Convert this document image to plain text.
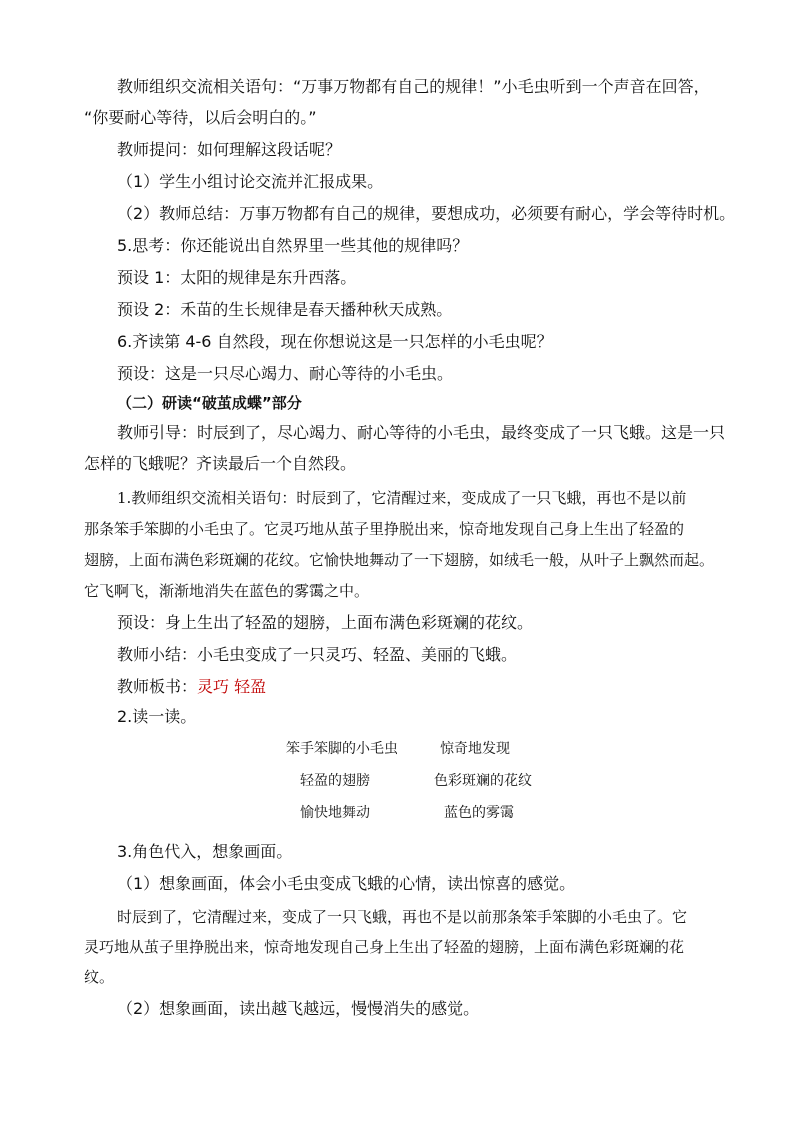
教师组织交流相关语句：“万事万物都有自己的规律！”小毛虫听到一个声音在回答，
“你要耐心等待，以后会明白的。”
教师提问：如何理解这段话呢？
（1）学生小组讨论交流并汇报成果。
（2）教师总结：万事万物都有自己的规律，要想成功，必须要有耐心，学会等待时机。
5.思考：你还能说出自然界里一些其他的规律吗？
预设 1：太阳的规律是东升西落。
预设 2：禾苗的生长规律是春天播种秋天成熟。
6.齐读第 4-6 自然段，现在你想说这是一只怎样的小毛虫呢？
预设：这是一只尽心竭力、耐心等待的小毛虫。
（二）研读“破茧成蝶”部分
教师引导：时辰到了，尽心竭力、耐心等待的小毛虫，最终变成了一只飞蛾。这是一只
怎样的飞蛾呢？齐读最后一个自然段。
1.教师组织交流相关语句：时辰到了，它清醒过来，变成成了一只飞蛾，再也不是以前
那条笨手笨脚的小毛虫了。它灵巧地从茧子里挣脱出来，惊奇地发现自己身上生出了轻盈的
翅膀，上面布满色彩斑斓的花纹。它愉快地舞动了一下翅膀，如绒毛一般，从叶子上飘然而起。
它飞啊飞，渐渐地消失在蓝色的雾霭之中。
预设：身上生出了轻盈的翅膀，上面布满色彩斑斓的花纹。
教师小结：小毛虫变成了一只灵巧、轻盈、美丽的飞蛾。
教师板书：灵巧 轻盈
2.读一读。
笨手笨脚的小毛虫	惊奇地发现
轻盈的翅膀	色彩斑斓的花纹
愉快地舞动	蓝色的雾霭
3.角色代入，想象画面。
（1）想象画面，体会小毛虫变成飞蛾的心情，读出惊喜的感觉。
时辰到了，它清醒过来，变成了一只飞蛾，再也不是以前那条笨手笨脚的小毛虫了。它
灵巧地从茧子里挣脱出来，惊奇地发现自己身上生出了轻盈的翅膀，上面布满色彩斑斓的花
纹。
（2）想象画面，读出越飞越远，慢慢消失的感觉。
